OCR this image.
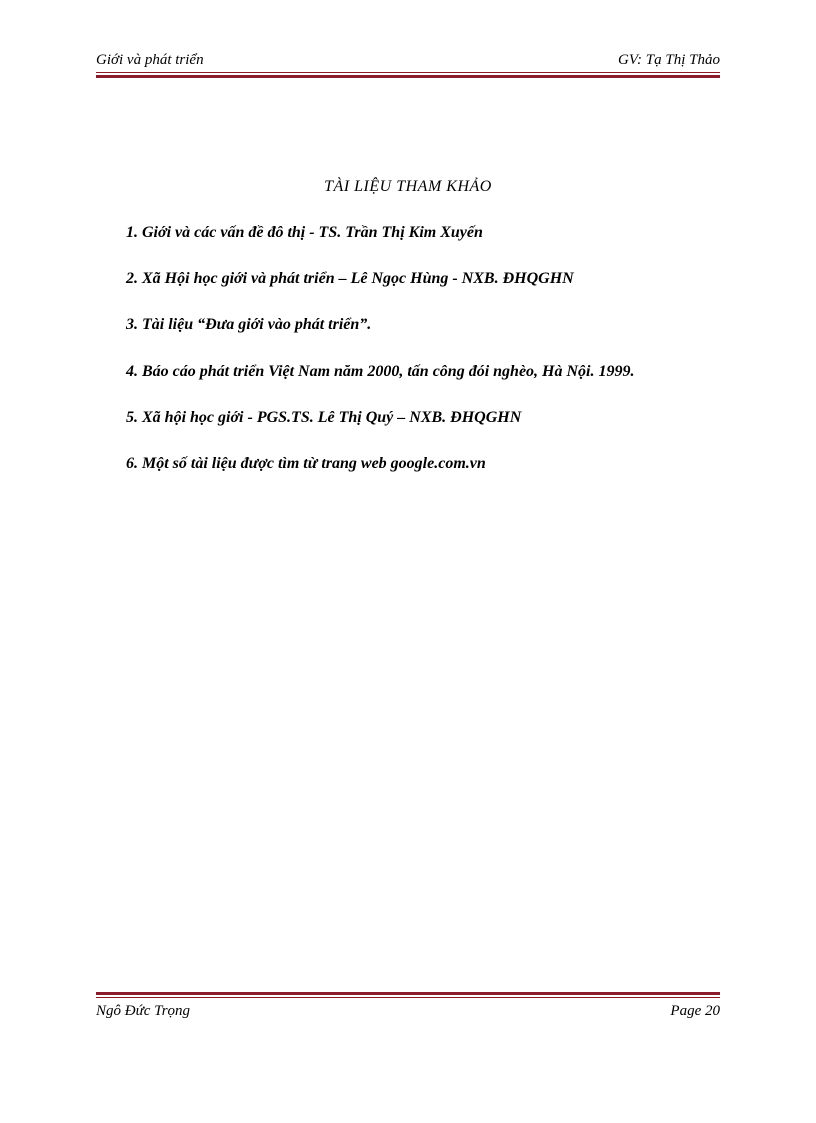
Giới và phát triển	GV: Tạ Thị Thảo
TÀI LIỆU THAM KHẢO
1. Giới và các vấn đề đô thị - TS. Trần Thị Kim Xuyến
2. Xã Hội học giới và phát triển – Lê Ngọc Hùng - NXB. ĐHQGHN
3. Tài liệu “Đưa giới vào phát triển”.
4. Báo cáo phát triển Việt Nam năm 2000, tấn công đói nghèo, Hà Nội. 1999.
5. Xã hội học giới - PGS.TS. Lê Thị Quý – NXB. ĐHQGHN
6. Một số tài liệu được tìm từ trang web google.com.vn
Ngô Đức Trọng	Page 20
